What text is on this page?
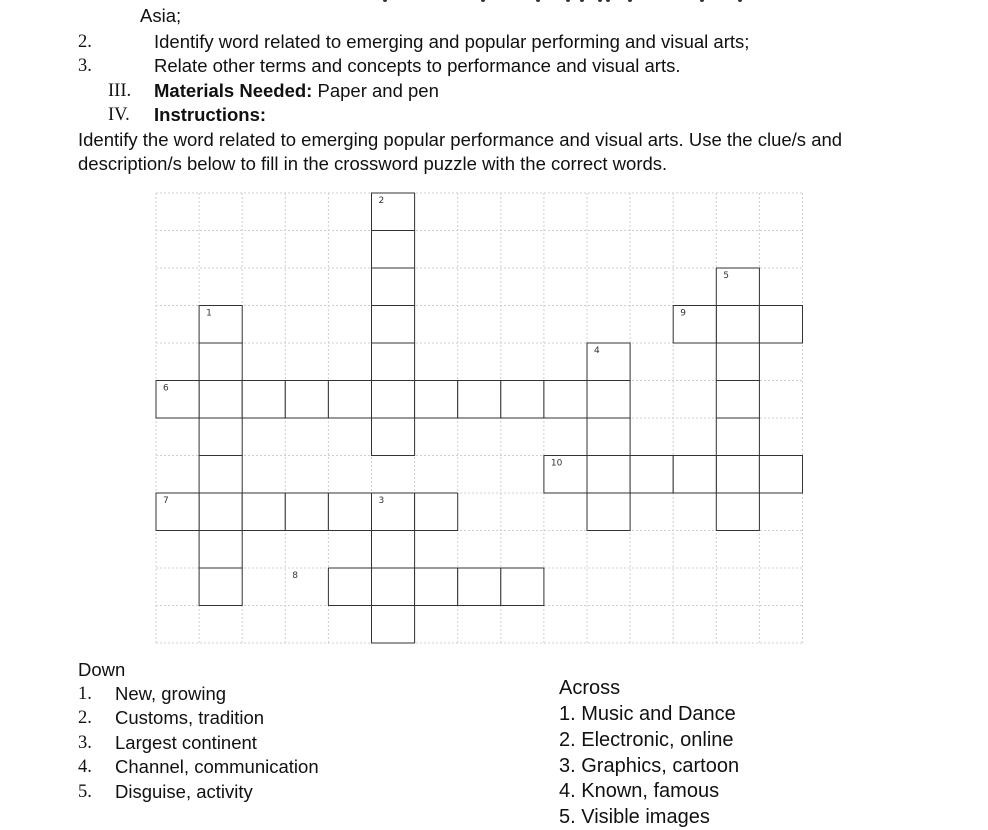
Asia;
2.	Identify word related to emerging and popular performing and visual arts;
3.	Relate other terms and concepts to performance and visual arts.
III. Materials Needed: Paper and pen
IV. Instructions:
Identify the word related to emerging popular performance and visual arts. Use the clue/s and
description/s below to fill in the crossword puzzle with the correct words.
2
5
1	9
4
6
10
7	3
8
Down
1. New, growing
2. Customs, tradition
3. Largest continent
4. Channel, communication
5. Disguise, activity
Across
1. Music and Dance
2. Electronic, online
3. Graphics, cartoon
4. Known, famous
5. Visible images
